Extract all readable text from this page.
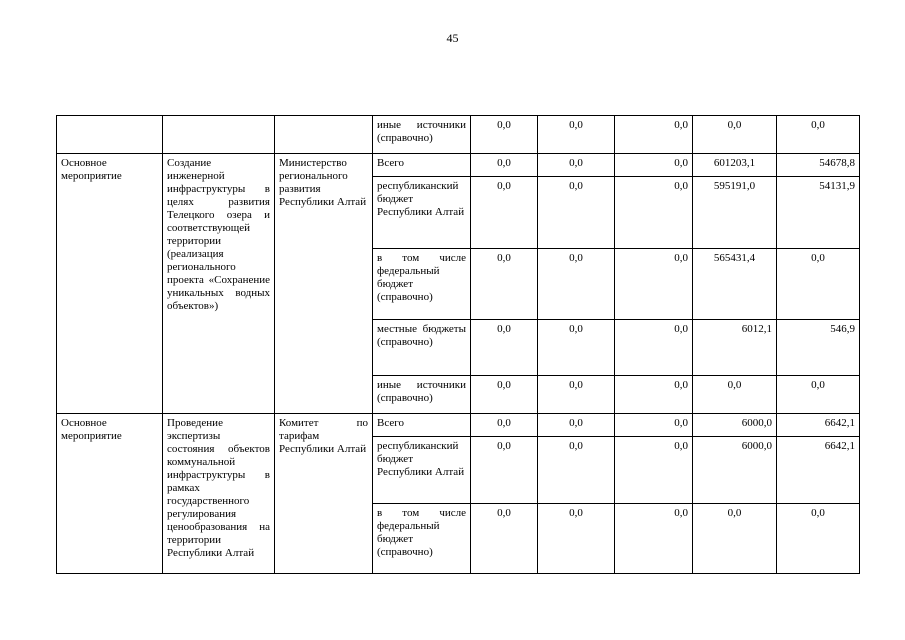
45
			иные источники (справочно)	0,0	0,0	0,0	0,0	0,0
Основное мероприятие	Создание инженерной инфраструктуры в целях развития Телецкого озера и соответствующей территории (реализация регионального проекта «Сохранение уникальных водных объектов»)	Министерство регионального развития Республики Алтай	Всего	0,0	0,0	0,0	601203,1	54678,8
			республиканский бюджет Республики Алтай	0,0	0,0	0,0	595191,0	54131,9
			в том числе федеральный бюджет (справочно)	0,0	0,0	0,0	565431,4	0,0
			местные бюджеты (справочно)	0,0	0,0	0,0	6012,1	546,9
			иные источники (справочно)	0,0	0,0	0,0	0,0	0,0
Основное мероприятие	Проведение экспертизы состояния объектов коммунальной инфраструктуры в рамках государственного регулирования ценообразования на территории Республики Алтай	Комитет по тарифам Республики Алтай	Всего	0,0	0,0	0,0	6000,0	6642,1
			республиканский бюджет Республики Алтай	0,0	0,0	0,0	6000,0	6642,1
			в том числе федеральный бюджет (справочно)	0,0	0,0	0,0	0,0	0,0
